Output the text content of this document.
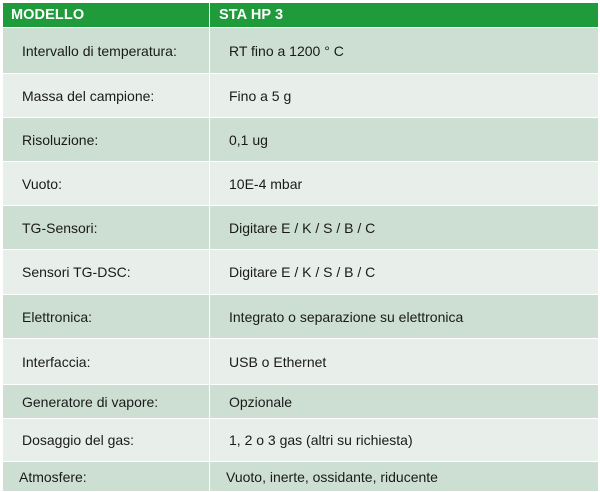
MODELLO	STA HP 3
Intervallo di temperatura:	RT fino a 1200 ° C
Massa del campione:	Fino a 5 g
Risoluzione:	0,1 ug
Vuoto:	10E-4 mbar
TG-Sensori:	Digitare E / K / S / B / C
Sensori TG-DSC:	Digitare E / K / S / B / C
Elettronica:	Integrato o separazione su elettronica
Interfaccia:	USB o Ethernet
Generatore di vapore:	Opzionale
Dosaggio del gas:	1, 2 o 3 gas (altri su richiesta)
Atmosfere:	Vuoto, inerte, ossidante, riducente
